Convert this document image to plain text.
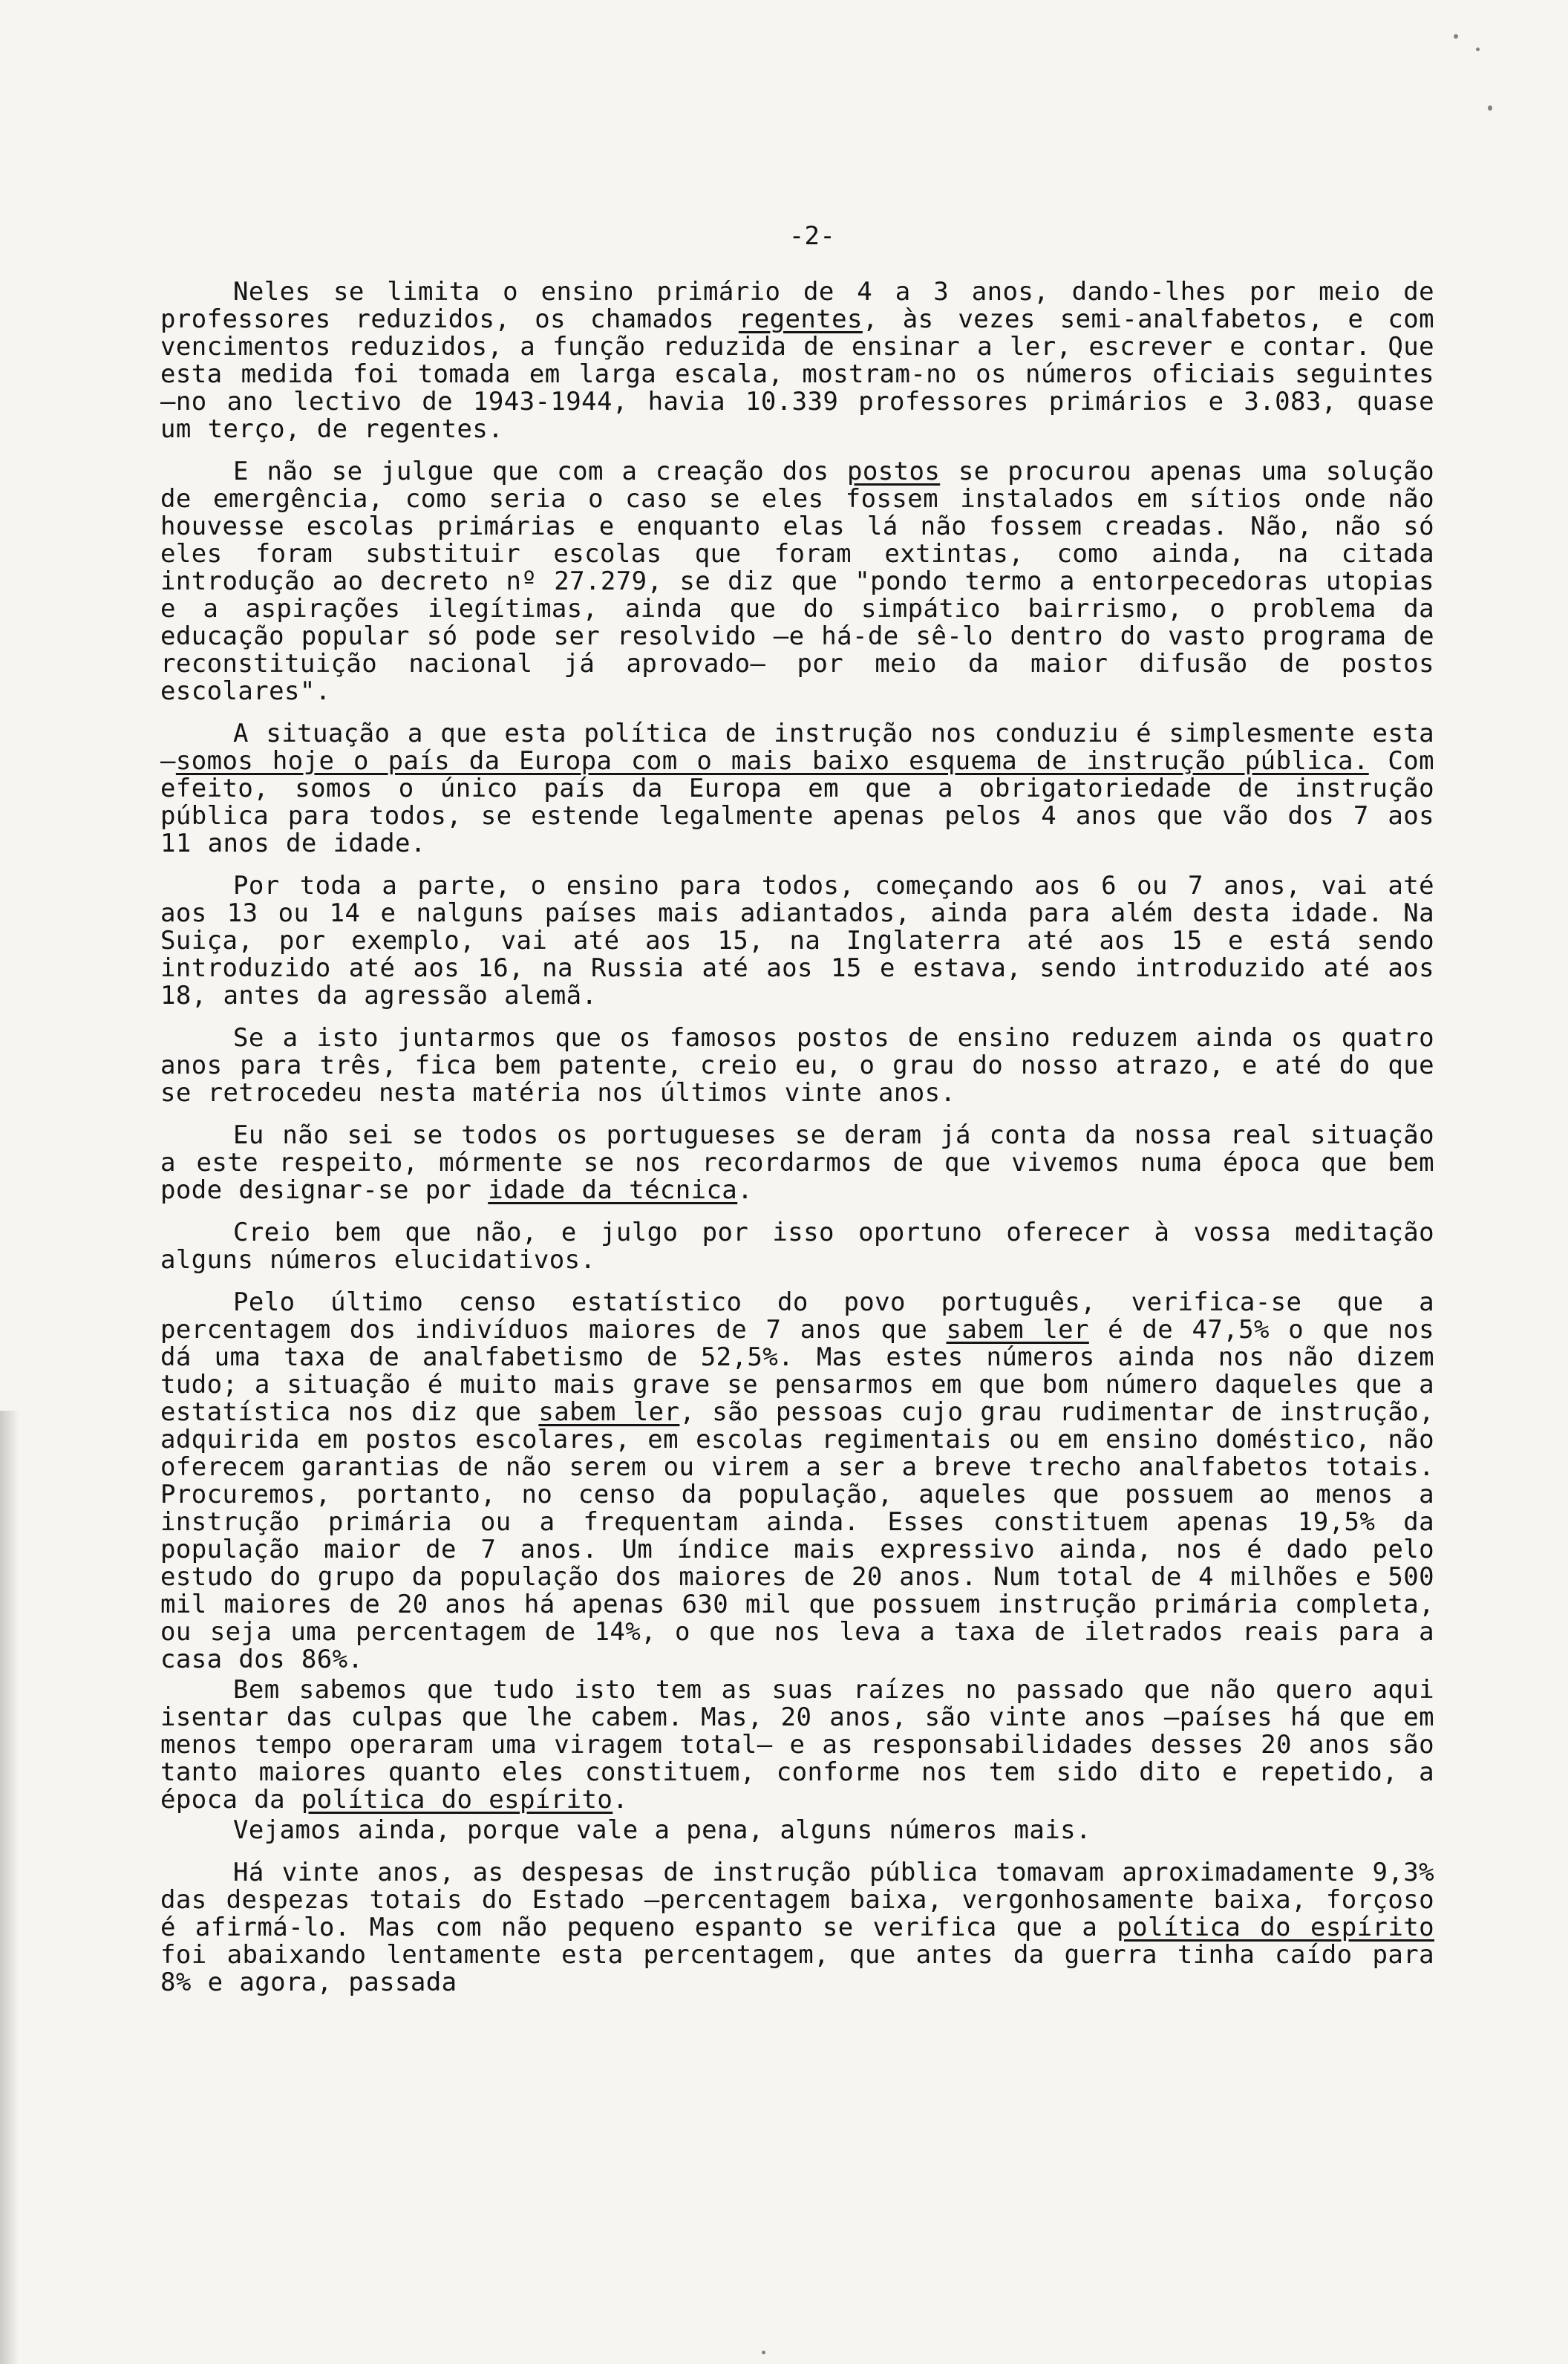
-2-

Neles se limita o ensino primário de 4 a 3 anos, dando-lhes por meio de professores reduzidos, os chamados regentes, às vezes semi-analfabetos, e com vencimentos reduzidos, a função reduzida de ensinar a ler, escrever e contar. Que esta medida foi tomada em larga escala, mostram-no os números oficiais seguintes —no ano lectivo de 1943-1944, havia 10.339 professores primários e 3.083, quase um terço, de regentes.

E não se julgue que com a creação dos postos se procurou apenas uma solução de emergência, como seria o caso se eles fossem instalados em sítios onde não houvesse escolas primárias e enquanto elas lá não fossem creadas. Não, não só eles foram substituir escolas que foram extintas, como ainda, na citada introdução ao decreto nº 27.279, se diz que "pondo termo a entorpecedoras utopias e a aspirações ilegítimas, ainda que do simpático bairrismo, o problema da educação popular só pode ser resolvido —e há-de sê-lo dentro do vasto programa de reconstituição nacional já aprovado— por meio da maior difusão de postos escolares".

A situação a que esta política de instrução nos conduziu é simplesmente esta —somos hoje o país da Europa com o mais baixo esquema de instrução pública. Com efeito, somos o único país da Europa em que a obrigatoriedade de instrução pública para todos, se estende legalmente apenas pelos 4 anos que vão dos 7 aos 11 anos de idade.

Por toda a parte, o ensino para todos, começando aos 6 ou 7 anos, vai até aos 13 ou 14 e nalguns países mais adiantados, ainda para além desta idade. Na Suiça, por exemplo, vai até aos 15, na Inglaterra até aos 15 e está sendo introduzido até aos 16, na Russia até aos 15 e estava, sendo introduzido até aos 18, antes da agressão alemã.

Se a isto juntarmos que os famosos postos de ensino reduzem ainda os quatro anos para três, fica bem patente, creio eu, o grau do nosso atrazo, e até do que se retrocedeu nesta matéria nos últimos vinte anos.

Eu não sei se todos os portugueses se deram já conta da nossa real situação a este respeito, mórmente se nos recordarmos de que vivemos numa época que bem pode designar-se por idade da técnica.

Creio bem que não, e julgo por isso oportuno oferecer à vossa meditação alguns números elucidativos.

Pelo último censo estatístico do povo português, verifica-se que a percentagem dos indivíduos maiores de 7 anos que sabem ler é de 47,5% o que nos dá uma taxa de analfabetismo de 52,5%. Mas estes números ainda nos não dizem tudo; a situação é muito mais grave se pensarmos em que bom número daqueles que a estatística nos diz que sabem ler, são pessoas cujo grau rudimentar de instrução, adquirida em postos escolares, em escolas regimentais ou em ensino doméstico, não oferecem garantias de não serem ou virem a ser a breve trecho analfabetos totais. Procuremos, portanto, no censo da população, aqueles que possuem ao menos a instrução primária ou a frequentam ainda. Esses constituem apenas 19,5% da população maior de 7 anos. Um índice mais expressivo ainda, nos é dado pelo estudo do grupo da população dos maiores de 20 anos. Num total de 4 milhões e 500 mil maiores de 20 anos há apenas 630 mil que possuem instrução primária completa, ou seja uma percentagem de 14%, o que nos leva a taxa de iletrados reais para a casa dos 86%.

Bem sabemos que tudo isto tem as suas raízes no passado que não quero aqui isentar das culpas que lhe cabem. Mas, 20 anos, são vinte anos —países há que em menos tempo operaram uma viragem total— e as responsabilidades desses 20 anos são tanto maiores quanto eles constituem, conforme nos tem sido dito e repetido, a época da política do espírito.

Vejamos ainda, porque vale a pena, alguns números mais.

Há vinte anos, as despesas de instrução pública tomavam aproximadamente 9,3% das despezas totais do Estado —percentagem baixa, vergonhosamente baixa, forçoso é afirmá-lo. Mas com não pequeno espanto se verifica que a política do espírito foi abaixando lentamente esta percentagem, que antes da guerra tinha caído para 8% e agora, passada
